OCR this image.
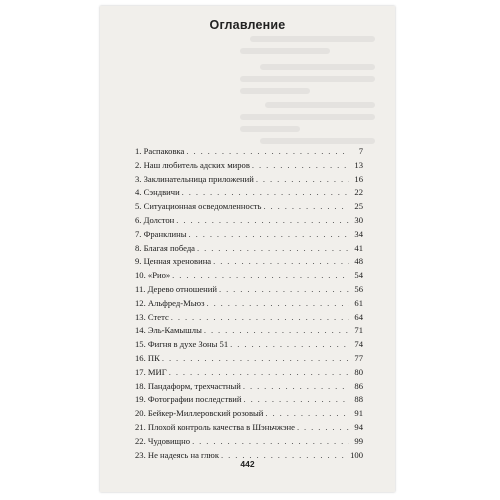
Оглавление
1. Распаковка . . .	7
2. Наш любитель адских миров . . .	13
3. Заклинательница приложений . . .	16
4. Сэндвичи . . .	22
5. Ситуационная осведомленность . . .	25
6. Долстон . . .	30
7. Франклины . . .	34
8. Благая победа . . .	41
9. Ценная хреновина . . .	48
10. «Рио» . . .	54
11. Дерево отношений . . .	56
12. Альфред-Мьюз . . .	61
13. Стетс . . .	64
14. Эль-Камышлы . . .	71
15. Фигня в духе Зоны 51 . . .	74
16. ПК . . .	77
17. МИГ . . .	80
18. Пандаформ, трехчастный . . .	86
19. Фотографии последствий . . .	88
20. Бейкер-Миллеровский розовый . . .	91
21. Плохой контроль качества в Шэньчжэне . . .	94
22. Чудовищно . . .	99
23. Не надеясь на глюк . . .	100
442
